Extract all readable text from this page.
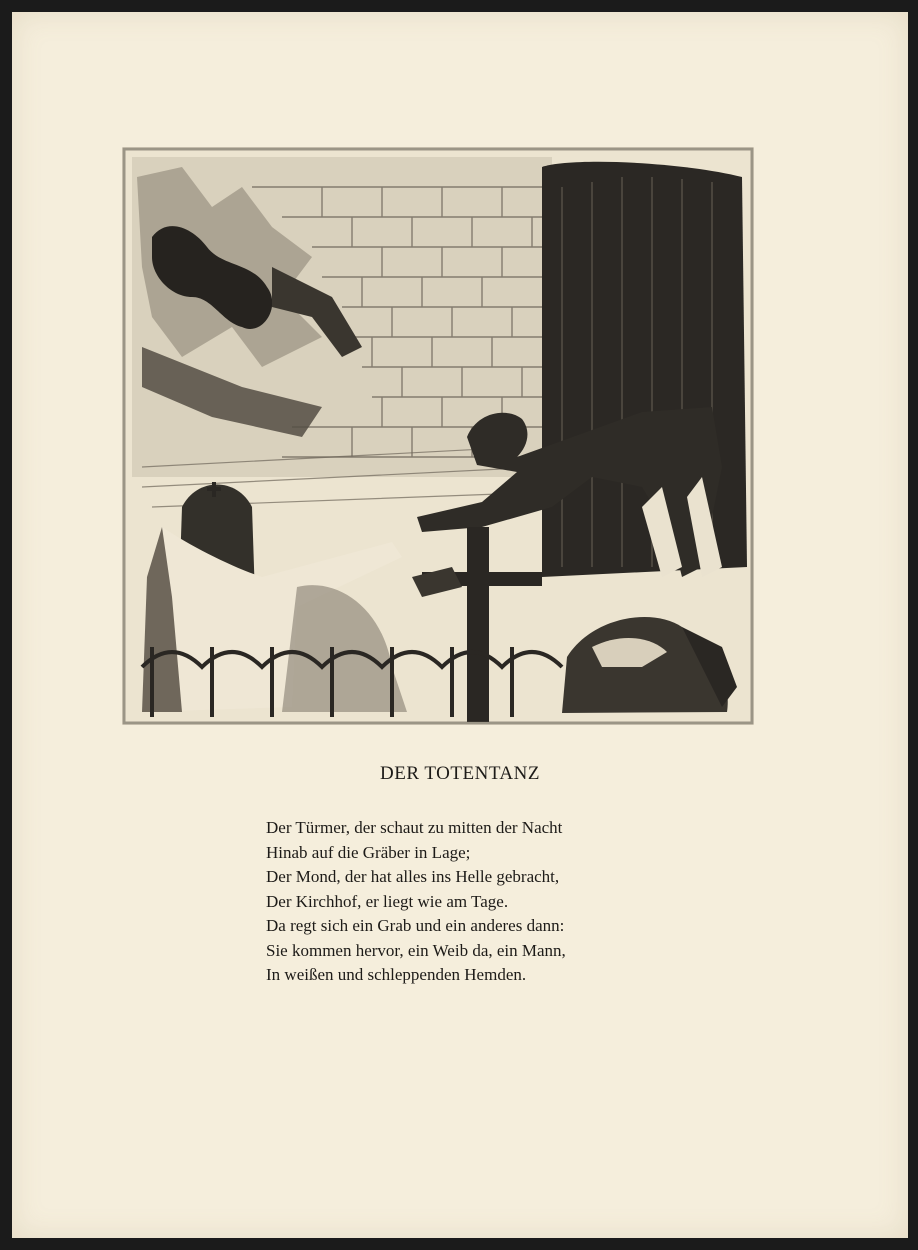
DER TOTENTANZ
Der Türmer, der schaut zu mitten der Nacht
Hinab auf die Gräber in Lage;
Der Mond, der hat alles ins Helle gebracht,
Der Kirchhof, er liegt wie am Tage.
Da regt sich ein Grab und ein anderes dann:
Sie kommen hervor, ein Weib da, ein Mann,
In weißen und schleppenden Hemden.
